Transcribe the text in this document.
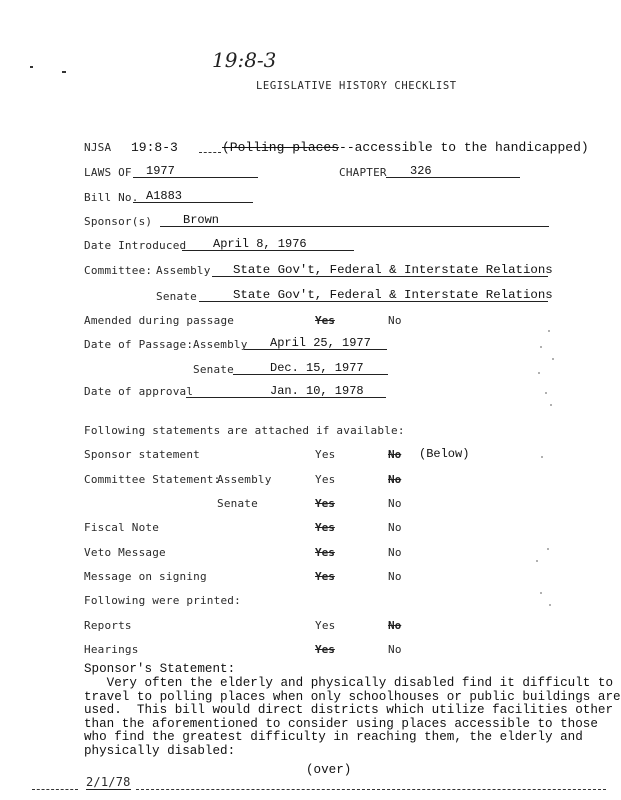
19:8-3
LEGISLATIVE HISTORY CHECKLIST
NJSA 19:8-3	(Polling places--accessible to the handicapped)
LAWS OF 1977	CHAPTER 326
Bill No. A1883
Sponsor(s)	Brown
Date Introduced April 8, 1976
Committee: Assembly State Gov't, Federal & Interstate Relations
Senate	State Gov't, Federal & Interstate Relations
Amended during passage	Yes	No
Date of Passage: Assembly April 25, 1977
Senate	Dec. 15, 1977
Date of approval	Jan. 10, 1978
Following statements are attached if available:
Sponsor statement	Yes	No (Below)
Committee Statement:
Assembly	Yes	No
Senate	Yes	No
Fiscal Note	Yes	No
Veto Message	Yes	No
Message on signing	Yes	No
Following were printed:
Reports	Yes	No
Hearings	Yes	No
Sponsor's Statement:
Very often the elderly and physically disabled find it difficult to
travel to polling places when only schoolhouses or public buildings are
used.  This bill would direct districts which utilize facilities other
than the aforementioned to consider using places accessible to those
who find the greatest difficulty in reaching them, the elderly and
physically disabled:
(over)
2/1/78
